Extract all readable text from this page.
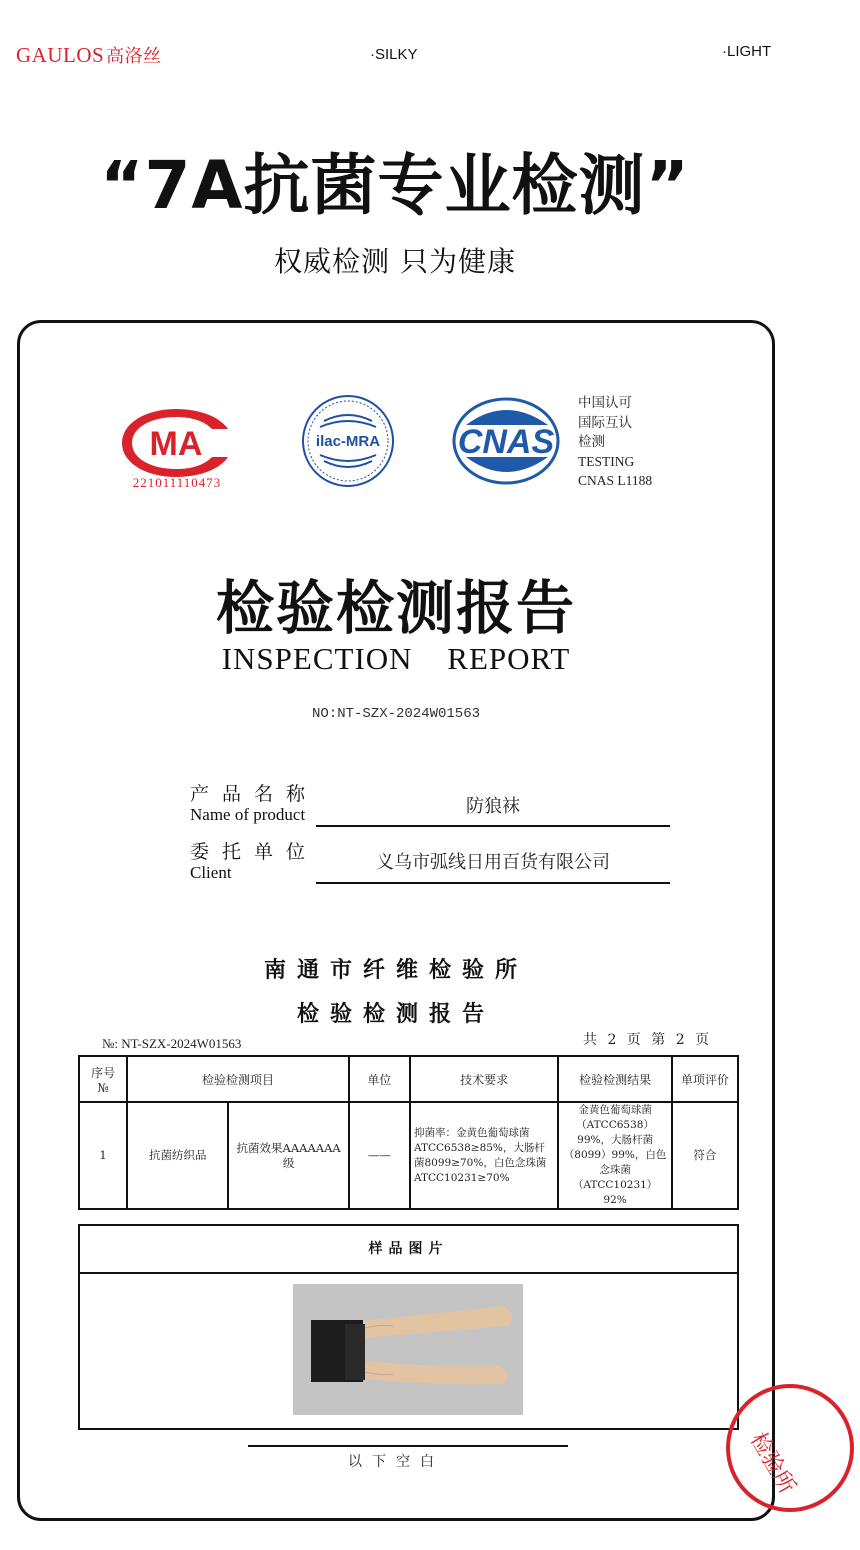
GAULOS 高洛丝	·SILKY	·LIGHT
“7A抗菌专业检测”
权威检测 只为健康
MA
221011110473
ilac-MRA CNAS
中国认可
国际互认
检测
TESTING
CNAS L1188
检验检测报告
INSPECTION REPORT
NO:NT-SZX-2024W01563
产品名称
Name of product	防狼袜
委托单位
Client	义乌市弧线日用百货有限公司
南通市纤维检验所
检验检测报告
№: NT-SZX-2024W01563	共 2 页 第 2 页
序号
№	检验检测项目		单位	技术要求	检验检测结果	单项评价
1	抗菌纺织品	抗菌效果AAAAAAA级	——	抑菌率：金黄色葡萄球菌ATCC6538≥85%，大肠杆菌8099≥70%，白色念珠菌ATCC10231≥70%	金黄色葡萄球菌（ATCC6538）99%，大肠杆菌（8099）99%，白色念珠菌（ATCC10231）92%	符合
样品图片
以下空白	检验所
